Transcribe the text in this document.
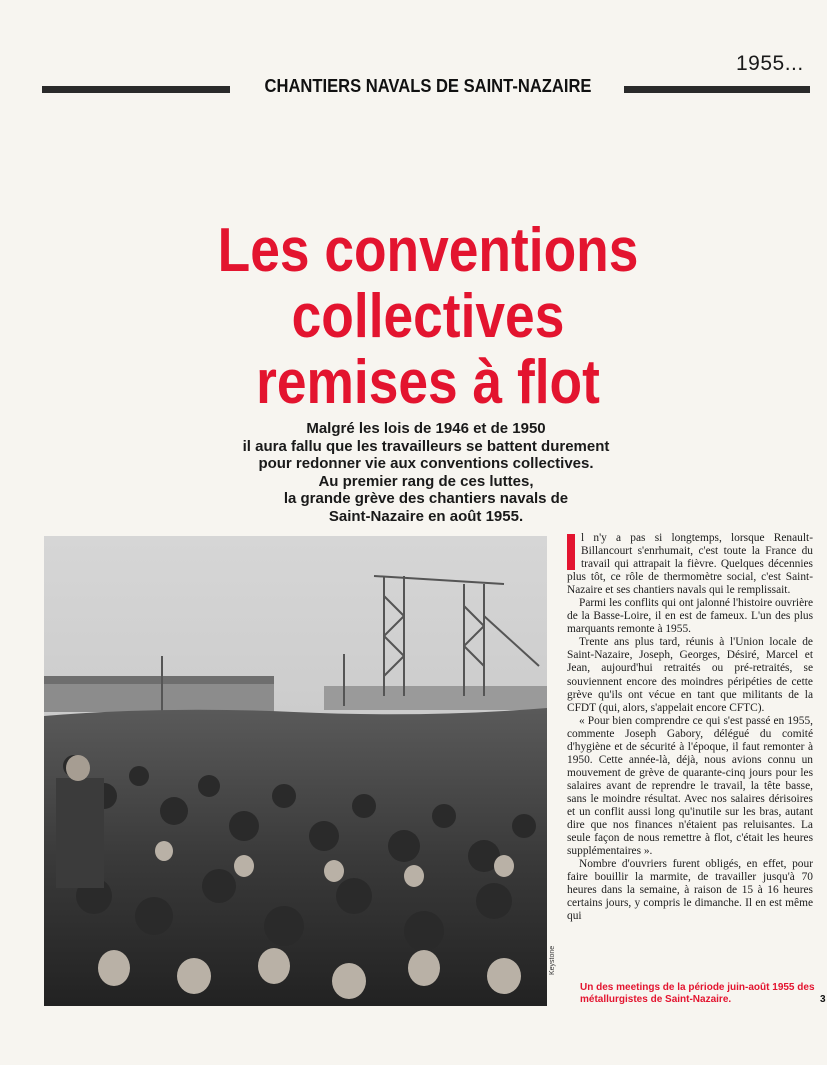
1955...
CHANTIERS NAVALS DE SAINT-NAZAIRE
Les conventions
collectives
remises à flot
Malgré les lois de 1946 et de 1950
il aura fallu que les travailleurs se battent durement
pour redonner vie aux conventions collectives.
Au premier rang de ces luttes,
la grande grève des chantiers navals de
Saint-Nazaire en août 1955.
Keystone

l n'y a pas si longtemps, lorsque Renault-Billancourt s'enrhumait, c'est toute la France du travail qui attrapait la fièvre. Quelques décennies plus tôt, ce rôle de thermomètre social, c'est Saint-Nazaire et ses chantiers navals qui le remplissait.

Parmi les conflits qui ont jalonné l'histoire ouvrière de la Basse-Loire, il en est de fameux. L'un des plus marquants remonte à 1955.

Trente ans plus tard, réunis à l'Union locale de Saint-Nazaire, Joseph, Georges, Désiré, Marcel et Jean, aujourd'hui retraités ou pré-retraités, se souviennent encore des moindres péripéties de cette grève qu'ils ont vécue en tant que militants de la CFDT (qui, alors, s'appelait encore CFTC).

« Pour bien comprendre ce qui s'est passé en 1955, commente Joseph Gabory, délégué du comité d'hygiène et de sécurité à l'époque, il faut remonter à 1950. Cette année-là, déjà, nous avions connu un mouvement de grève de quarante-cinq jours pour les salaires avant de reprendre le travail, la tête basse, sans le moindre résultat. Avec nos salaires dérisoires et un conflit aussi long qu'inutile sur les bras, autant dire que nos finances n'étaient pas reluisantes. La seule façon de nous remettre à flot, c'était les heures supplémentaires ».

Nombre d'ouvriers furent obligés, en effet, pour faire bouillir la marmite, de travailler jusqu'à 70 heures dans la semaine, à raison de 15 à 16 heures certains jours, y compris le dimanche. Il en est même qui

Un des meetings de la période juin-août 1955 des métallurgistes de Saint-Nazaire.	3
